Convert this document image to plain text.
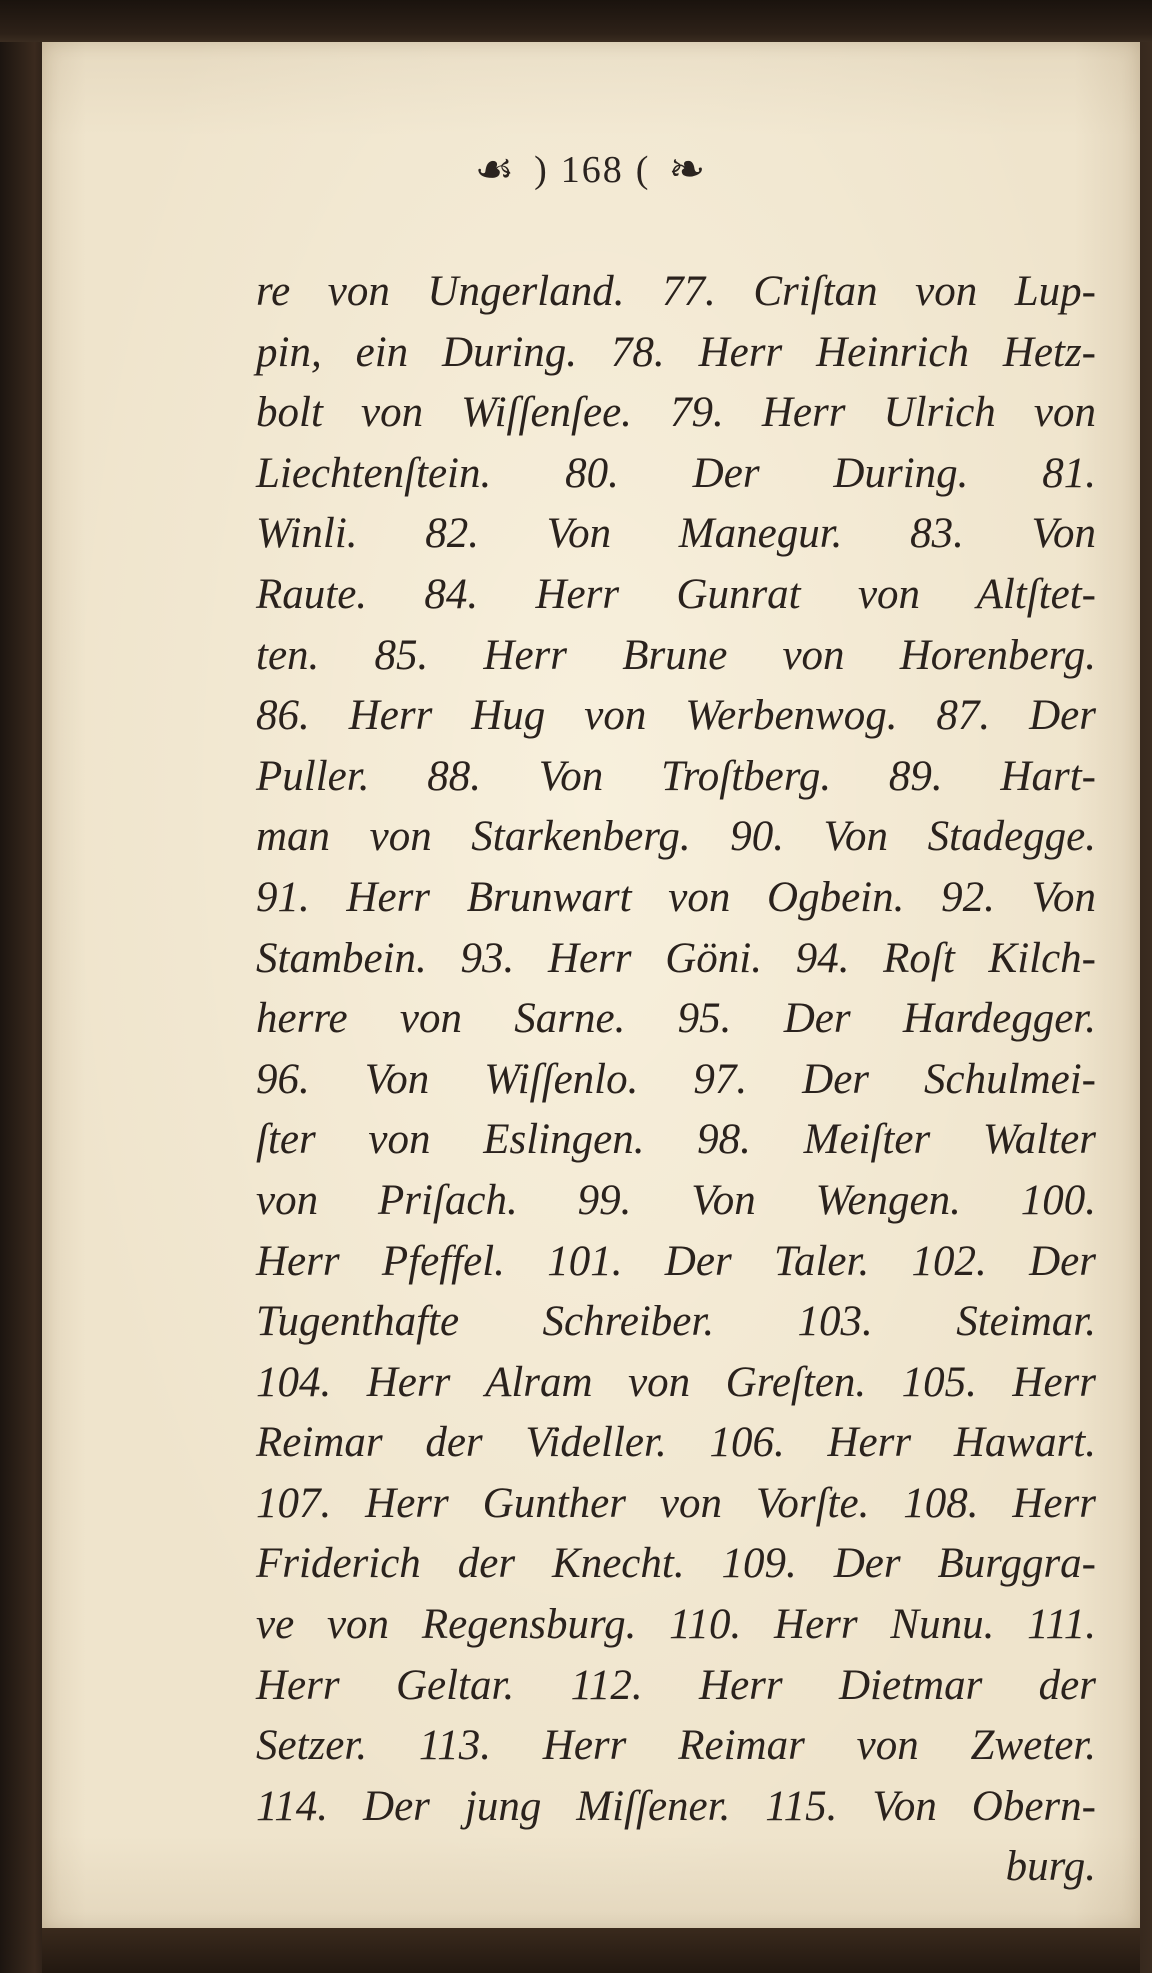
☙ ) 168 ( ❧
re von Ungerland. 77. Criſtan von Lup-
pin, ein During. 78. Herr Heinrich Hetz-
bolt von Wiſſenſee. 79. Herr Ulrich von
Liechtenſtein. 80. Der During. 81.
Winli. 82. Von Manegur. 83. Von
Raute. 84. Herr Gunrat von Altſtet-
ten. 85. Herr Brune von Horenberg.
86. Herr Hug von Werbenwog. 87. Der
Puller. 88. Von Troſtberg. 89. Hart-
man von Starkenberg. 90. Von Stadegge.
91. Herr Brunwart von Ogbein. 92. Von
Stambein. 93. Herr Göni. 94. Roſt Kilch-
herre von Sarne. 95. Der Hardegger.
96. Von Wiſſenlo. 97. Der Schulmei-
ſter von Eslingen. 98. Meiſter Walter
von Priſach. 99. Von Wengen. 100.
Herr Pfeffel. 101. Der Taler. 102. Der
Tugenthafte Schreiber. 103. Steimar.
104. Herr Alram von Greſten. 105. Herr
Reimar der Videller. 106. Herr Hawart.
107. Herr Gunther von Vorſte. 108. Herr
Friderich der Knecht. 109. Der Burggra-
ve von Regensburg. 110. Herr Nunu. 111.
Herr Geltar. 112. Herr Dietmar der
Setzer. 113. Herr Reimar von Zweter.
114. Der jung Miſſener. 115. Von Obern-
burg.
